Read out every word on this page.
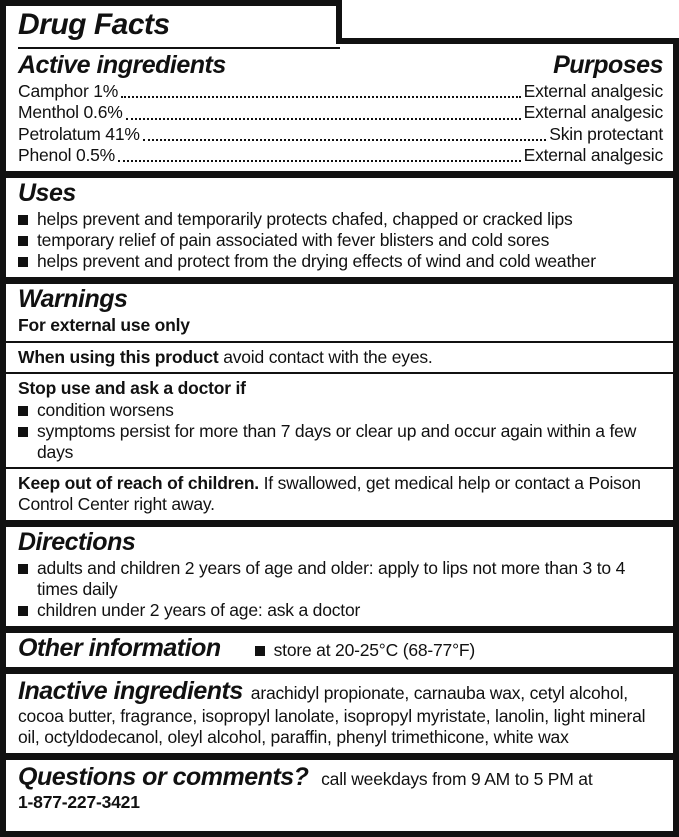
Drug Facts
Active ingredients	Purposes
Camphor 1%	External analgesic
Menthol 0.6%	External analgesic
Petrolatum 41%	Skin protectant
Phenol 0.5%	External analgesic
Uses
helps prevent and temporarily protects chafed, chapped or cracked lips
temporary relief of pain associated with fever blisters and cold sores
helps prevent and protect from the drying effects of wind and cold weather
Warnings
For external use only

When using this product avoid contact with the eyes.

Stop use and ask a doctor if
condition worsens
symptoms persist for more than 7 days or clear up and occur again within a few days

Keep out of reach of children. If swallowed, get medical help or contact a Poison Control Center right away.

Directions
adults and children 2 years of age and older: apply to lips not more than 3 to 4 times daily
children under 2 years of age: ask a doctor
Other information	store at 20-25°C (68-77°F)

Inactive ingredients arachidyl propionate, carnauba wax, cetyl alcohol, cocoa butter, fragrance, isopropyl lanolate, isopropyl myristate, lanolin, light mineral oil, octyldodecanol, oleyl alcohol, paraffin, phenyl trimethicone, white wax

Questions or comments? call weekdays from 9 AM to 5 PM at
1-877-227-3421
